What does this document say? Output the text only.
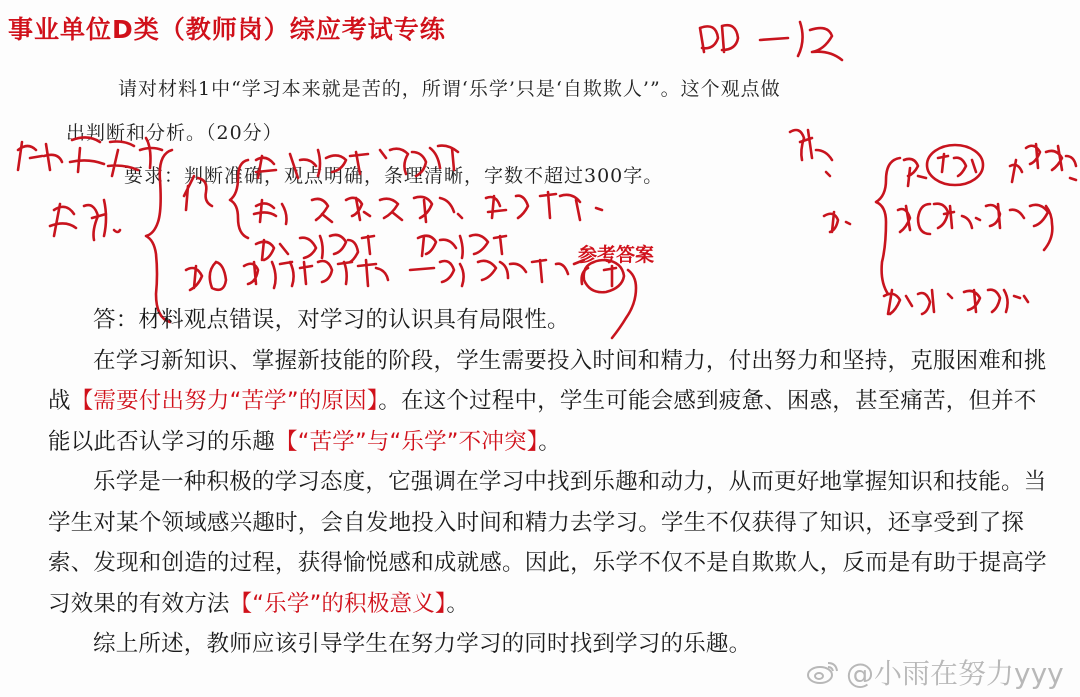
事业单位D类（教师岗）综应考试专练
请对材料1中“学习本来就是苦的，所谓‘乐学’只是‘自欺欺人’”。这个观点做
出判断和分析。（20分）
要求：判断准确，观点明确，条理清晰，字数不超过300字。
参考答案

答：材料观点错误，对学习的认识具有局限性。

在学习新知识、掌握新技能的阶段，学生需要投入时间和精力，付出努力和坚持，克服困难和挑战【需要付出努力“苦学”的原因】。在这个过程中，学生可能会感到疲惫、困惑，甚至痛苦，但并不能以此否认学习的乐趣【“苦学”与“乐学”不冲突】。

乐学是一种积极的学习态度，它强调在学习中找到乐趣和动力，从而更好地掌握知识和技能。当学生对某个领域感兴趣时，会自发地投入时间和精力去学习。学生不仅获得了知识，还享受到了探索、发现和创造的过程，获得愉悦感和成就感。因此，乐学不仅不是自欺欺人，反而是有助于提高学习效果的有效方法【“乐学”的积极意义】。

综上所述，教师应该引导学生在努力学习的同时找到学习的乐趣。

@小雨在努力yyy
